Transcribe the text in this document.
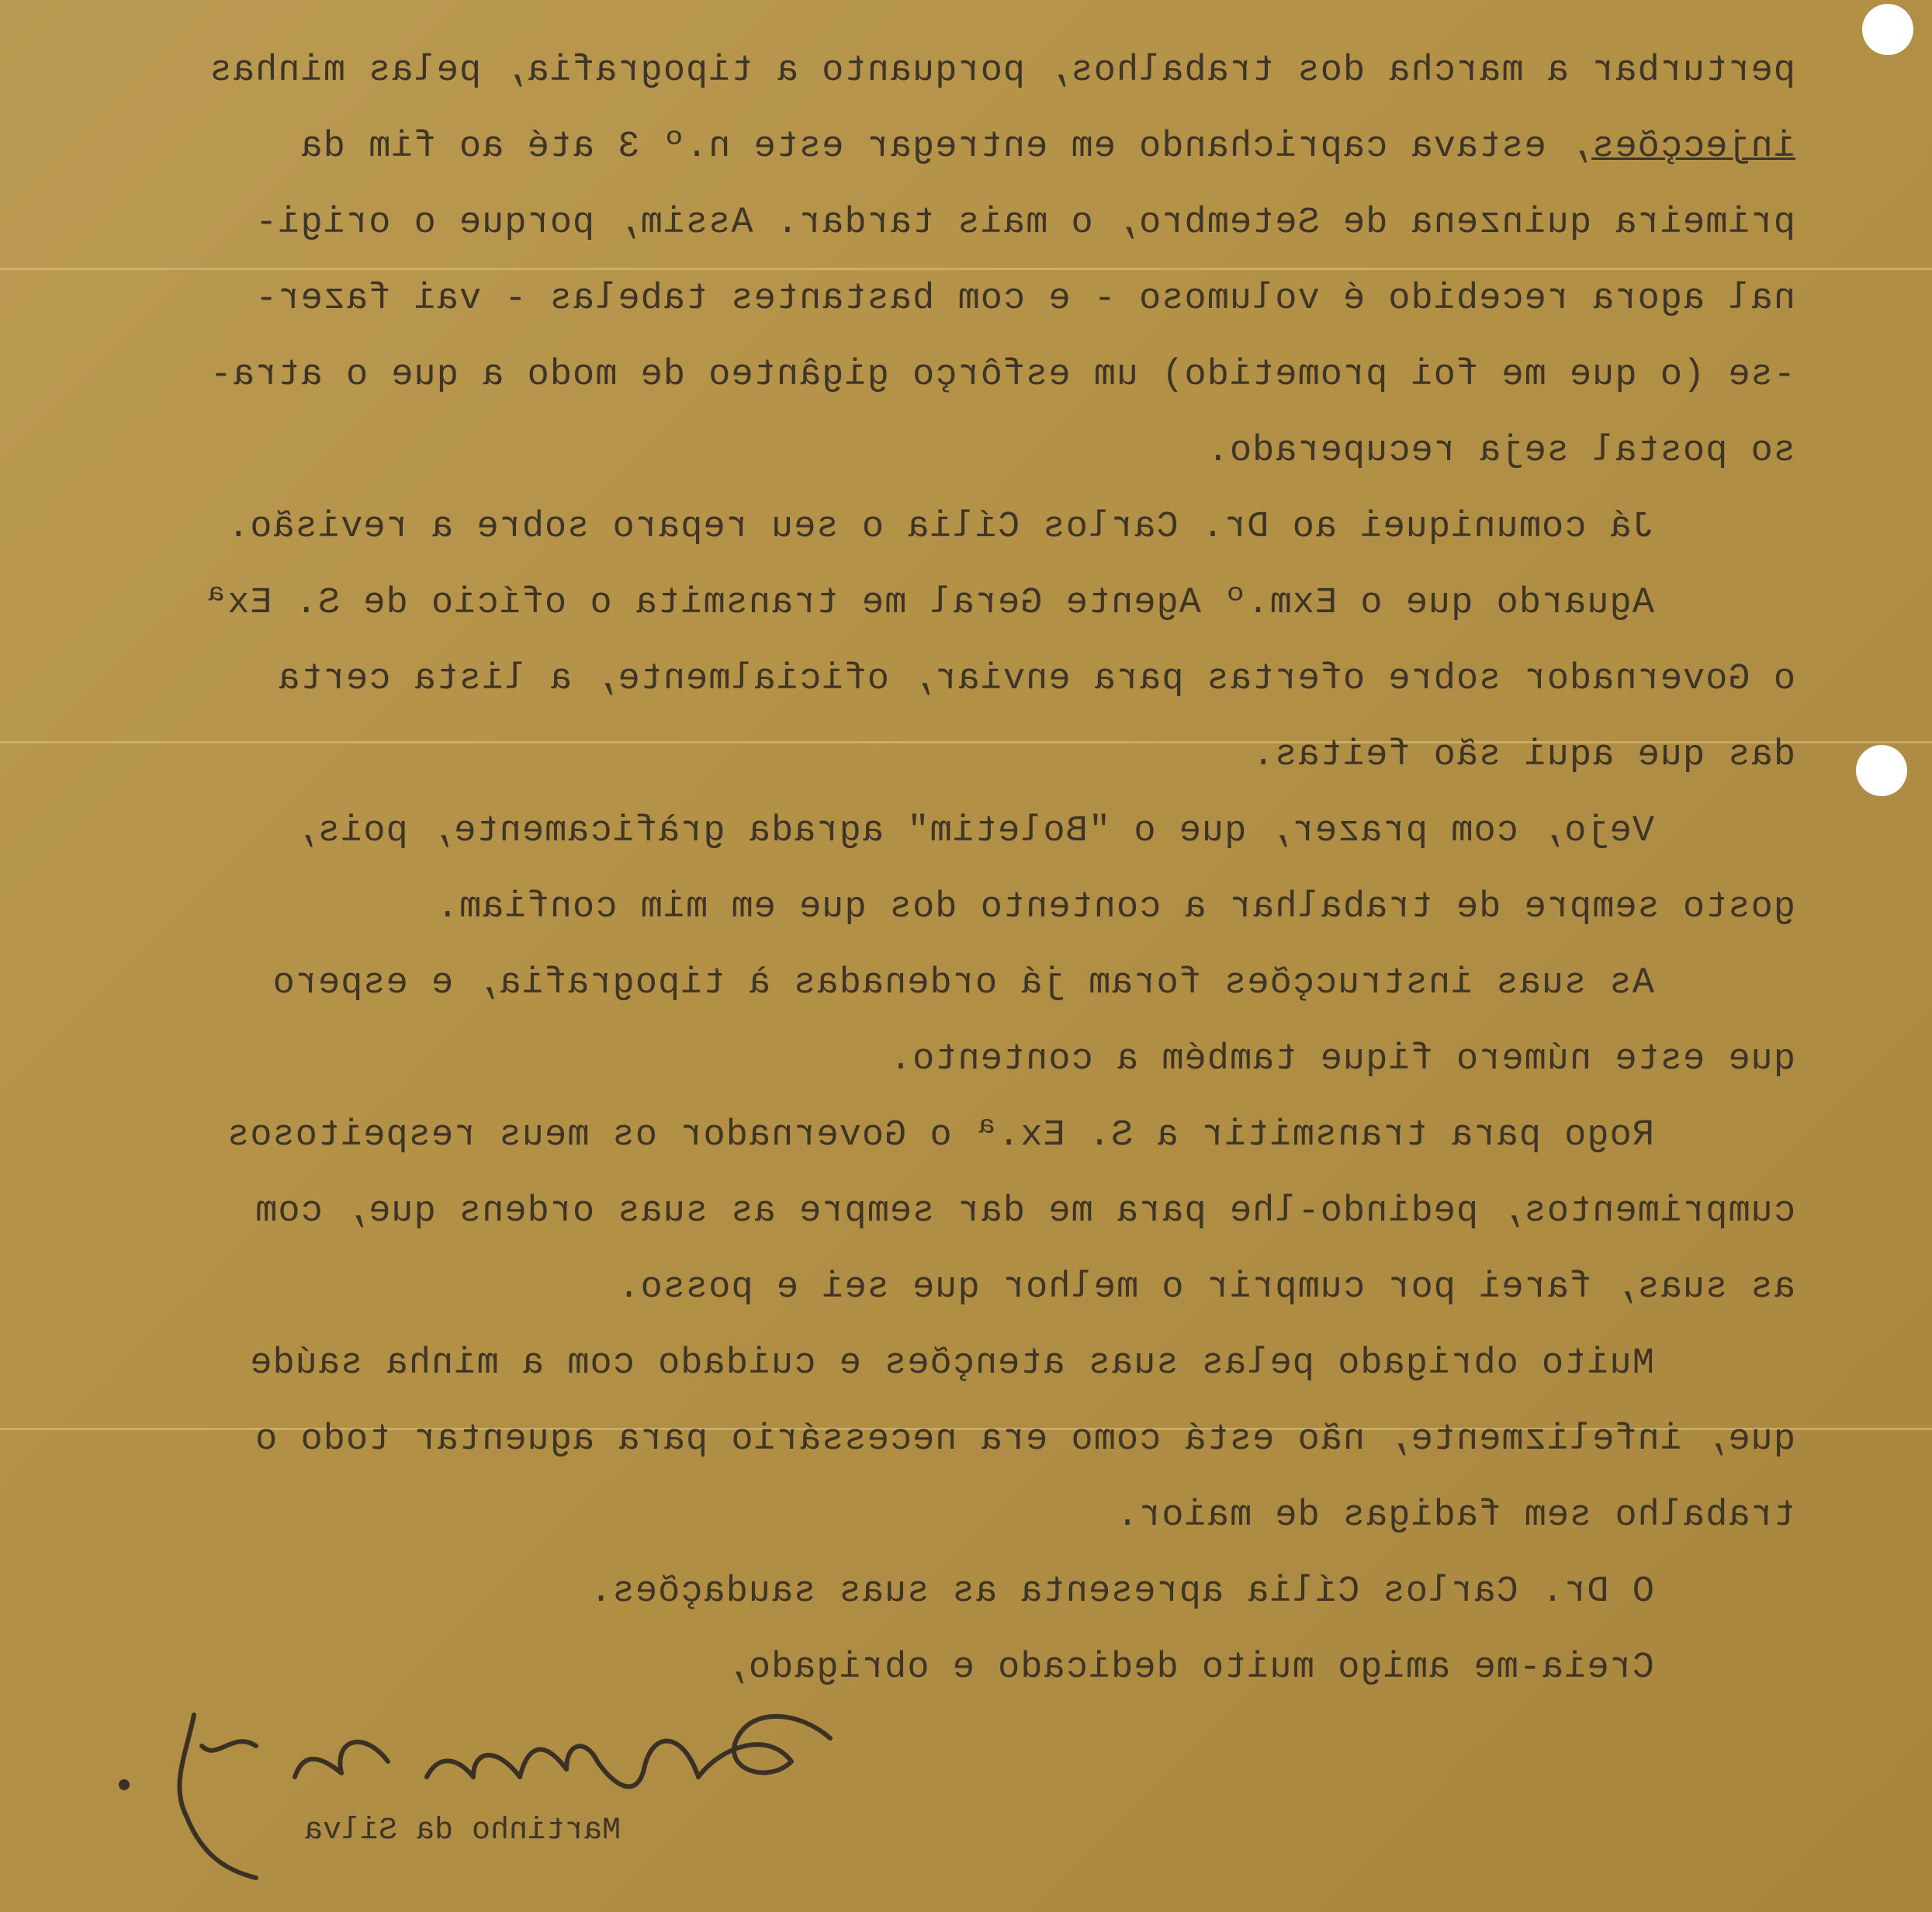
perturbar a marcha dos trabalhos, porquanto a tipografia, pelas minhas
injecções, estava caprichando em entregar este n.º 3 até ao fim da
primeira quinzena de Setembro, o mais tardar. Assim, porque o origi-
nal agora recebido é volumoso - e com bastantes tabelas - vai fazer-
-se (o que me foi prometido) um esfôrço gigânteo de modo a que o atra-
so postal seja recuperado.
Já comuniquei ao Dr. Carlos Cília o seu reparo sobre a revisão.
Aguardo que o Exm.º Agente Geral me transmita o ofício de S. Exª
o Governador sobre ofertas para enviar, oficialmente, a lista certa
das que aqui são feitas.
Vejo, com prazer, que o "Boletim" agrada gràficamente, pois,
gosto sempre de trabalhar a contento dos que em mim confiam.
As suas instrucções foram já ordenadas à tipografia, e espero
que este número fique também a contento.
Rogo para transmitir a S. Ex.ª o Governador os meus respeitosos
cumprimentos, pedindo-lhe para me dar sempre as suas ordens que, com
as suas, farei por cumprir o melhor que sei e posso.
Muito obrigado pelas suas atenções e cuidado com a minha saúde
que, infelizmente, não está como era necessário para aguentar todo o
trabalho sem fadigas de maior.
O Dr. Carlos Cília apresenta as suas saudações.
Creia-me amigo muito dedicado e obrigado,
Martinho da Silva
